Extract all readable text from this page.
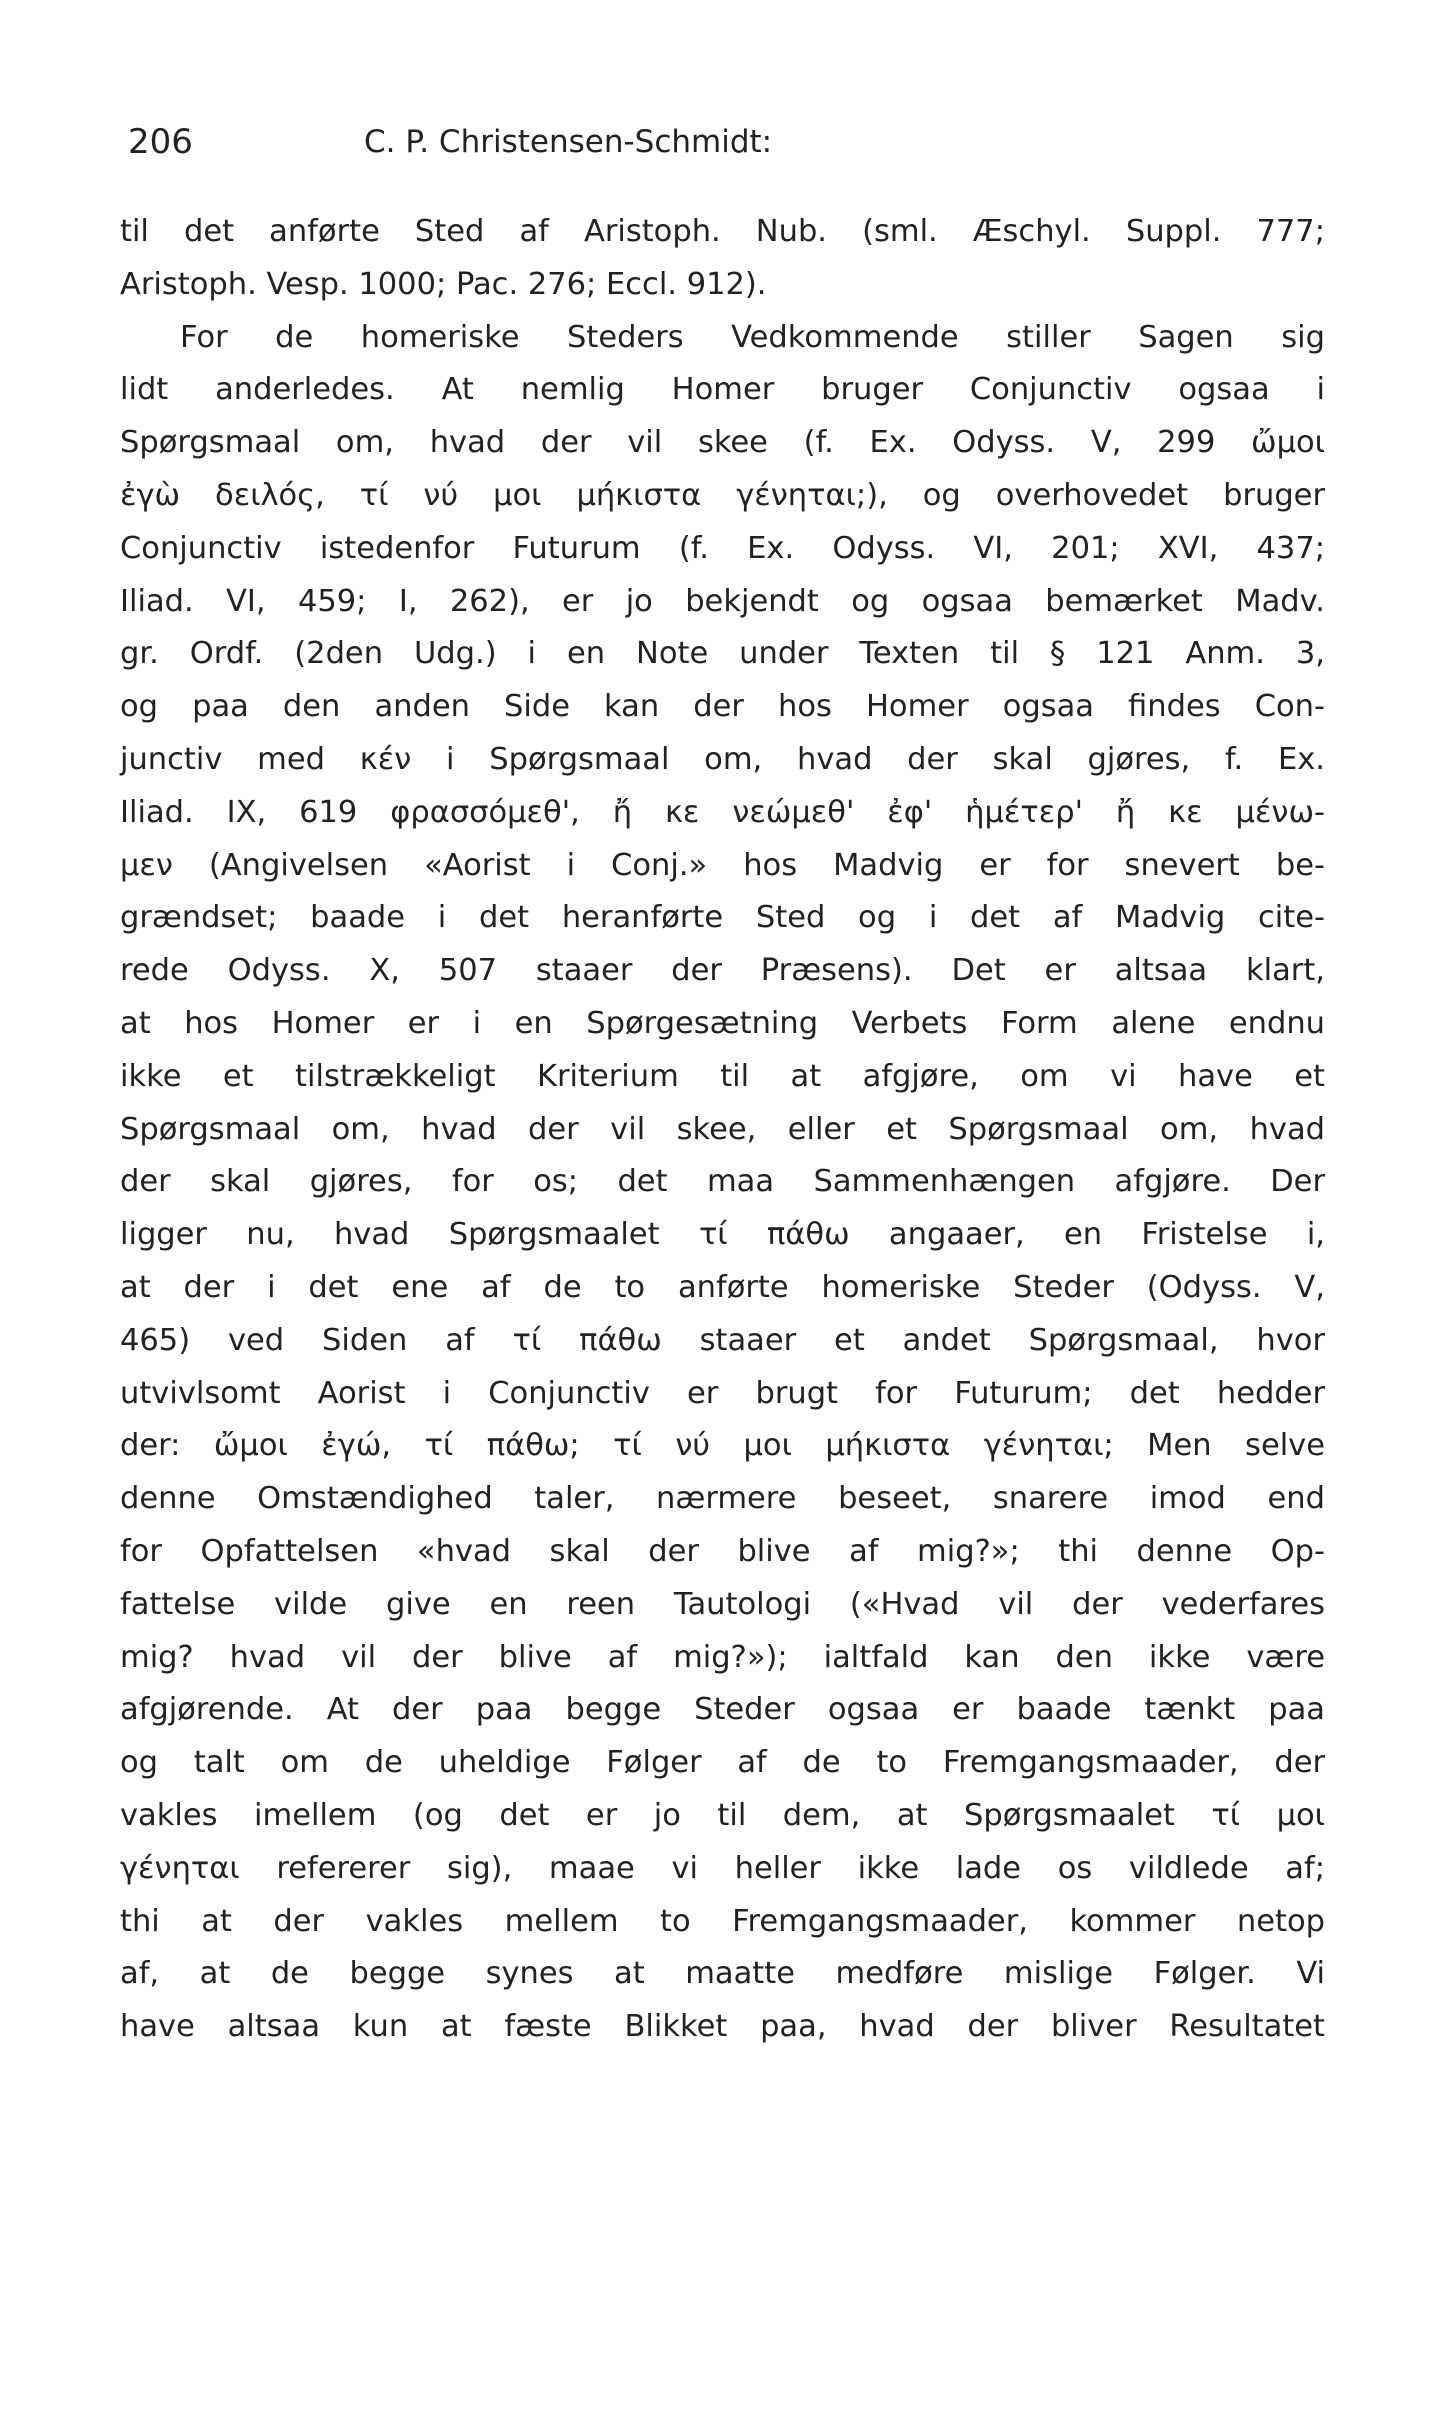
206	C. P. Christensen-Schmidt:
til det anførte Sted af Aristoph. Nub. (sml. Æschyl. Suppl. 777;
Aristoph. Vesp. 1000; Pac. 276; Eccl. 912).
For de homeriske Steders Vedkommende stiller Sagen sig
lidt anderledes. At nemlig Homer bruger Conjunctiv ogsaa i
Spørgsmaal om, hvad der vil skee (f. Ex. Odyss. V, 299 ὤμοι
ἐγὼ δειλός, τί νύ μοι μήκιστα γένηται;), og overhovedet bruger
Conjunctiv istedenfor Futurum (f. Ex. Odyss. VI, 201; XVI, 437;
Iliad. VI, 459; I, 262), er jo bekjendt og ogsaa bemærket Madv.
gr. Ordf. (2den Udg.) i en Note under Texten til § 121 Anm. 3,
og paa den anden Side kan der hos Homer ogsaa findes Con-
junctiv med κέν i Spørgsmaal om, hvad der skal gjøres, f. Ex.
Iliad. IX, 619 φρασσόμεθ', ἤ κε νεώμεθ' ἐφ' ἡμέτερ' ἤ κε μένω-
μεν (Angivelsen «Aorist i Conj.» hos Madvig er for snevert be-
grændset; baade i det heranførte Sted og i det af Madvig cite-
rede Odyss. X, 507 staaer der Præsens). Det er altsaa klart,
at hos Homer er i en Spørgesætning Verbets Form alene endnu
ikke et tilstrækkeligt Kriterium til at afgjøre, om vi have et
Spørgsmaal om, hvad der vil skee, eller et Spørgsmaal om, hvad
der skal gjøres, for os; det maa Sammenhængen afgjøre. Der
ligger nu, hvad Spørgsmaalet τί πάθω angaaer, en Fristelse i,
at der i det ene af de to anførte homeriske Steder (Odyss. V,
465) ved Siden af τί πάθω staaer et andet Spørgsmaal, hvor
utvivlsomt Aorist i Conjunctiv er brugt for Futurum; det hedder
der: ὤμοι ἐγώ, τί πάθω; τί νύ μοι μήκιστα γένηται; Men selve
denne Omstændighed taler, nærmere beseet, snarere imod end
for Opfattelsen «hvad skal der blive af mig?»; thi denne Op-
fattelse vilde give en reen Tautologi («Hvad vil der vederfares
mig? hvad vil der blive af mig?»); ialtfald kan den ikke være
afgjørende. At der paa begge Steder ogsaa er baade tænkt paa
og talt om de uheldige Følger af de to Fremgangsmaader, der
vakles imellem (og det er jo til dem, at Spørgsmaalet τί μοι
γένηται refererer sig), maae vi heller ikke lade os vildlede af;
thi at der vakles mellem to Fremgangsmaader, kommer netop
af, at de begge synes at maatte medføre mislige Følger. Vi
have altsaa kun at fæste Blikket paa, hvad der bliver Resultatet
